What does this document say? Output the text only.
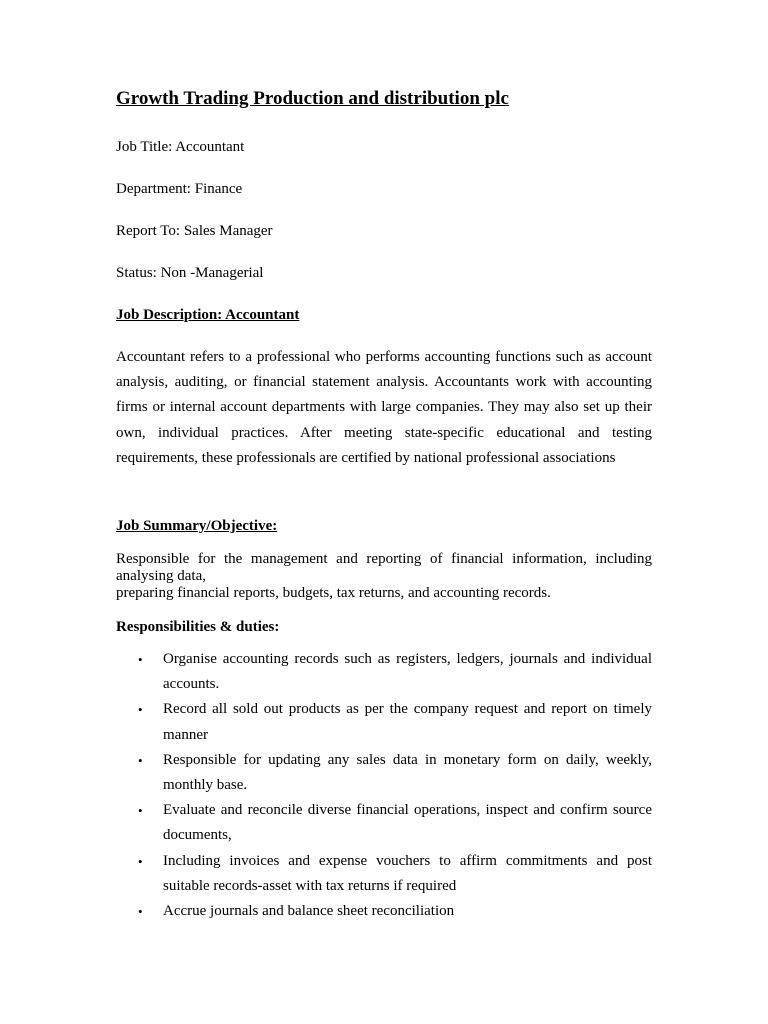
Growth Trading Production and distribution plc
Job Title: Accountant
Department: Finance
Report To: Sales Manager
Status: Non -Managerial
Job Description: Accountant
Accountant refers to a professional who performs accounting functions such as account analysis, auditing, or financial statement analysis. Accountants work with accounting firms or internal account departments with large companies. They may also set up their own, individual practices. After meeting state-specific educational and testing requirements, these professionals are certified by national professional associations
Job Summary/Objective:
Responsible for the management and reporting of financial information, including analysing data,
preparing financial reports, budgets, tax returns, and accounting records.
Responsibilities & duties:
• Organise accounting records such as registers, ledgers, journals and individual accounts.
• Record all sold out products as per the company request and report on timely manner
• Responsible for updating any sales data in monetary form on daily, weekly, monthly base.
• Evaluate and reconcile diverse financial operations, inspect and confirm source documents,
• Including invoices and expense vouchers to affirm commitments and post suitable records-asset with tax returns if required
• Accrue journals and balance sheet reconciliation
